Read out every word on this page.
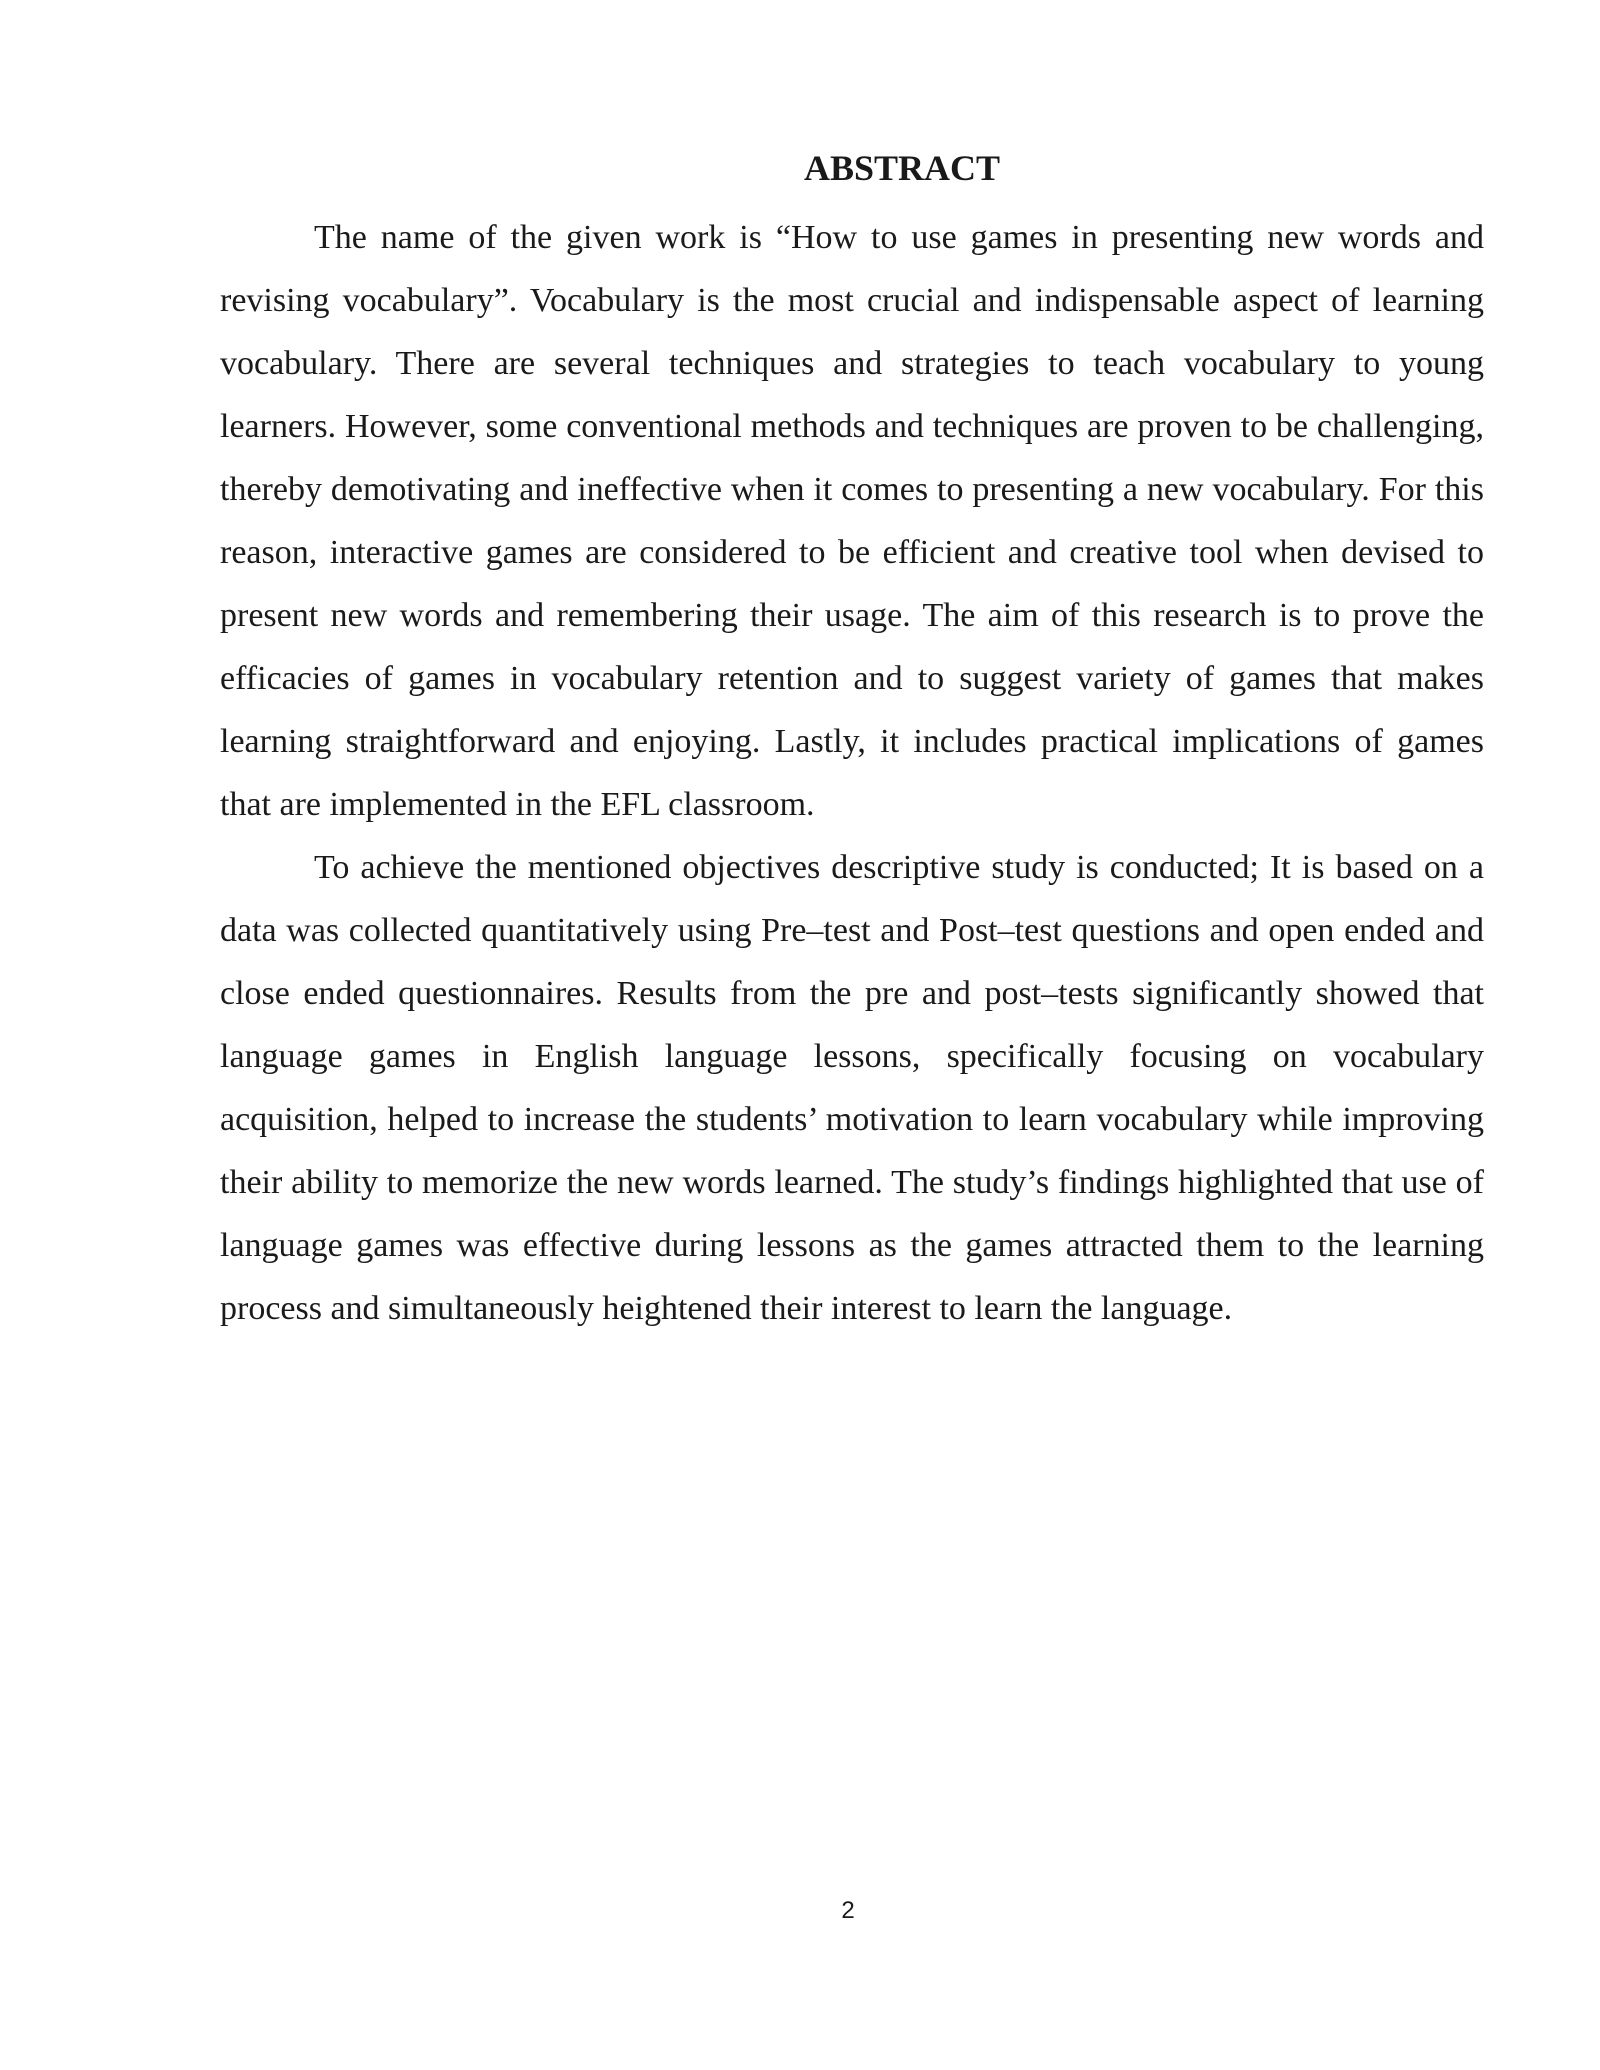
ABSTRACT

The name of the given work is “How to use games in presenting new words and revising vocabulary”. Vocabulary is the most crucial and indispensable aspect of learning vocabulary. There are several techniques and strategies to teach vocabulary to young learners. However, some conventional methods and techniques are proven to be challenging, thereby demotivating and ineffective when it comes to presenting a new vocabulary. For this reason, interactive games are considered to be efficient and creative tool when devised to present new words and remembering their usage. The aim of this research is to prove the efficacies of games in vocabulary retention and to suggest variety of games that makes learning straightforward and enjoying. Lastly, it includes practical implications of games that are implemented in the EFL classroom.

To achieve the mentioned objectives descriptive study is conducted; It is based on a data was collected quantitatively using Pre–test and Post–test questions and open ended and close ended questionnaires. Results from the pre and post–tests significantly showed that language games in English language lessons, specifically focusing on vocabulary acquisition, helped to increase the students’ motivation to learn vocabulary while improving their ability to memorize the new words learned. The study’s findings highlighted that use of language games was effective during lessons as the games attracted them to the learning process and simultaneously heightened their interest to learn the language.

2
